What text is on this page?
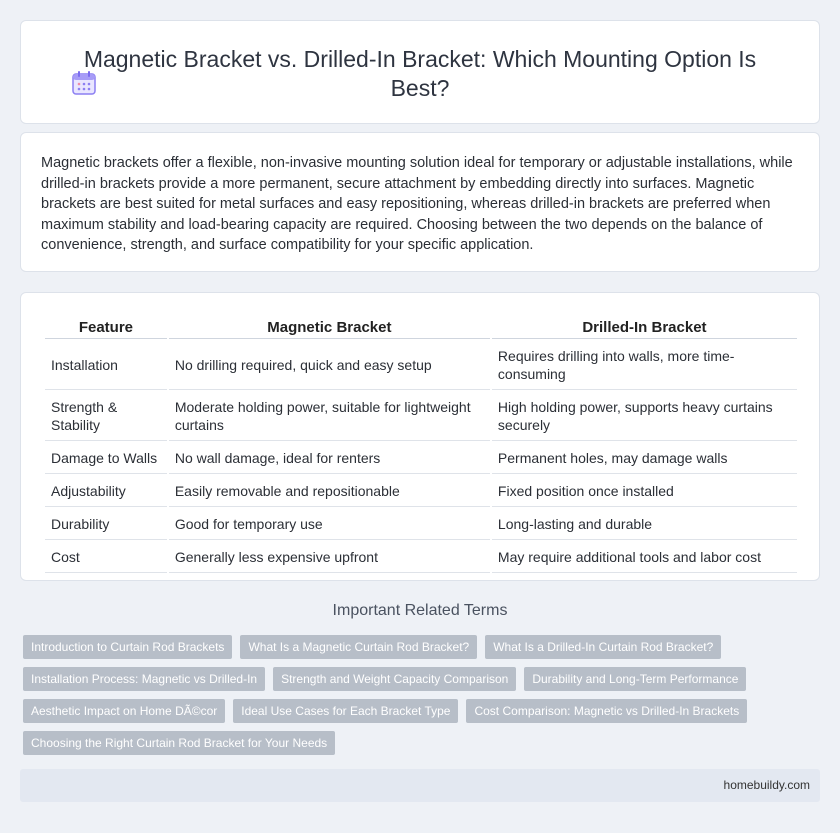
Magnetic Bracket vs. Drilled-In Bracket: Which Mounting Option Is Best?

Magnetic brackets offer a flexible, non-invasive mounting solution ideal for temporary or adjustable installations, while drilled-in brackets provide a more permanent, secure attachment by embedding directly into surfaces. Magnetic brackets are best suited for metal surfaces and easy repositioning, whereas drilled-in brackets are preferred when maximum stability and load-bearing capacity are required. Choosing between the two depends on the balance of convenience, strength, and surface compatibility for your specific application.

Feature	Magnetic Bracket	Drilled-In Bracket
Installation	No drilling required, quick and easy setup	Requires drilling into walls, more time-consuming
Strength & Stability	Moderate holding power, suitable for lightweight curtains	High holding power, supports heavy curtains securely
Damage to Walls	No wall damage, ideal for renters	Permanent holes, may damage walls
Adjustability	Easily removable and repositionable	Fixed position once installed
Durability	Good for temporary use	Long-lasting and durable
Cost	Generally less expensive upfront	May require additional tools and labor cost
Important Related Terms
Introduction to Curtain Rod Brackets	What Is a Magnetic Curtain Rod Bracket?	What Is a Drilled-In Curtain Rod Bracket?
Installation Process: Magnetic vs Drilled-In	Strength and Weight Capacity Comparison	Durability and Long-Term Performance
Aesthetic Impact on Home DÃ©cor	Ideal Use Cases for Each Bracket Type	Cost Comparison: Magnetic vs Drilled-In Brackets
Choosing the Right Curtain Rod Bracket for Your Needs
homebuildy.com
